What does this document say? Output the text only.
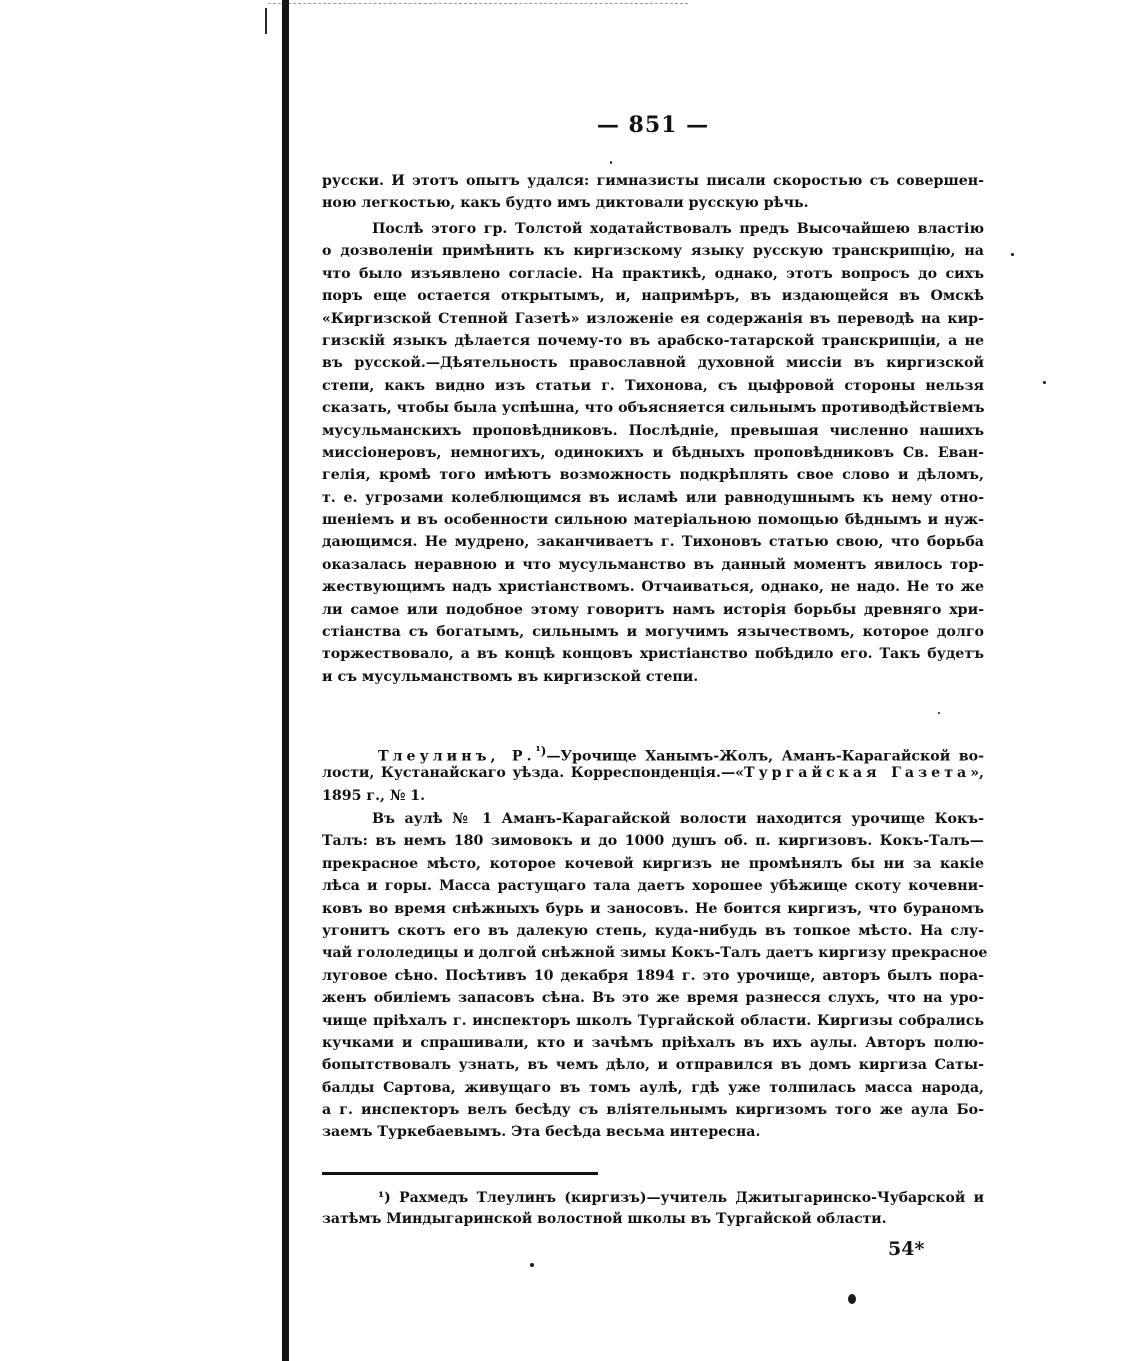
— 851 —
русски. И этотъ опытъ удался: гимназисты писали скоростью съ совершен-
ною легкостью, какъ будто имъ диктовали русскую рѣчь.
Послѣ этого гр. Толстой ходатайствовалъ предъ Высочайшею властію
о дозволеніи примѣнить къ киргизскому языку русскую транскрипцію, на
что было изъявлено согласіе. На практикѣ, однако, этотъ вопросъ до сихъ
поръ еще остается открытымъ, и, напримѣръ, въ издающейся въ Омскѣ
«Киргизской Степной Газетѣ» изложеніе ея содержанія въ переводѣ на кир-
гизскій языкъ дѣлается почему-то въ арабско-татарской транскрипціи, а не
въ русской.—Дѣятельность православной духовной миссіи въ киргизской
степи, какъ видно изъ статьи г. Тихонова, съ цыфровой стороны нельзя
сказать, чтобы была успѣшна, что объясняется сильнымъ противодѣйствіемъ
мусульманскихъ проповѣдниковъ. Послѣдніе, превышая численно нашихъ
миссіонеровъ, немногихъ, одинокихъ и бѣдныхъ проповѣдниковъ Св. Еван-
гелія, кромѣ того имѣютъ возможность подкрѣплять свое слово и дѣломъ,
т. е. угрозами колеблющимся въ исламѣ или равнодушнымъ къ нему отно-
шеніемъ и въ особенности сильною матеріальною помощью бѣднымъ и нуж-
дающимся. Не мудрено, заканчиваетъ г. Тихоновъ статью свою, что борьба
оказалась неравною и что мусульманство въ данный моментъ явилось тор-
жествующимъ надъ христіанствомъ. Отчаиваться, однако, не надо. Не то же
ли самое или подобное этому говоритъ намъ исторія борьбы древняго хри-
стіанства съ богатымъ, сильнымъ и могучимъ язычествомъ, которое долго
торжествовало, а въ концѣ концовъ христіанство побѣдило его. Такъ будетъ
и съ мусульманствомъ въ киргизской степи.
Тлеулинъ, Р.$^{^1)}$—Урочище Ханымъ-Жолъ, Аманъ-Карагайской во-
лости, Кустанайскаго уѣзда. Корреспонденція.—«Тургайская Газета»,
1895 г., № 1.
Въ аулѣ № 1 Аманъ-Карагайской волости находится урочище Кокъ-
Талъ: въ немъ 180 зимовокъ и до 1000 душъ об. п. киргизовъ. Кокъ-Талъ—
прекрасное мѣсто, которое кочевой киргизъ не промѣнялъ бы ни за какіе
лѣса и горы. Масса растущаго тала даетъ хорошее убѣжище скоту кочевни-
ковъ во время снѣжныхъ бурь и заносовъ. Не боится киргизъ, что бураномъ
угонитъ скотъ его въ далекую степь, куда-нибудь въ топкое мѣсто. На слу-
чай гололедицы и долгой снѣжной зимы Кокъ-Талъ даетъ киргизу прекрасное
луговое сѣно. Посѣтивъ 10 декабря 1894 г. это урочище, авторъ былъ пора-
женъ обиліемъ запасовъ сѣна. Въ это же время разнесся слухъ, что на уро-
чище пріѣхалъ г. инспекторъ школъ Тургайской области. Киргизы собрались
кучками и спрашивали, кто и зачѣмъ пріѣхалъ въ ихъ аулы. Авторъ полю-
бопытствовалъ узнать, въ чемъ дѣло, и отправился въ домъ киргиза Саты-
балды Сартова, живущаго въ томъ аулѣ, гдѣ уже толпилась масса народа,
а г. инспекторъ велъ бесѣду съ вліятельнымъ киргизомъ того же аула Бо-
заемъ Туркебаевымъ. Эта бесѣда весьма интересна.
¹) Рахмедъ Тлеулинъ (киргизъ)—учитель Джитыгаринско-Чубарской и
затѣмъ Миндыгаринской волостной школы въ Тургайской области.
54*
